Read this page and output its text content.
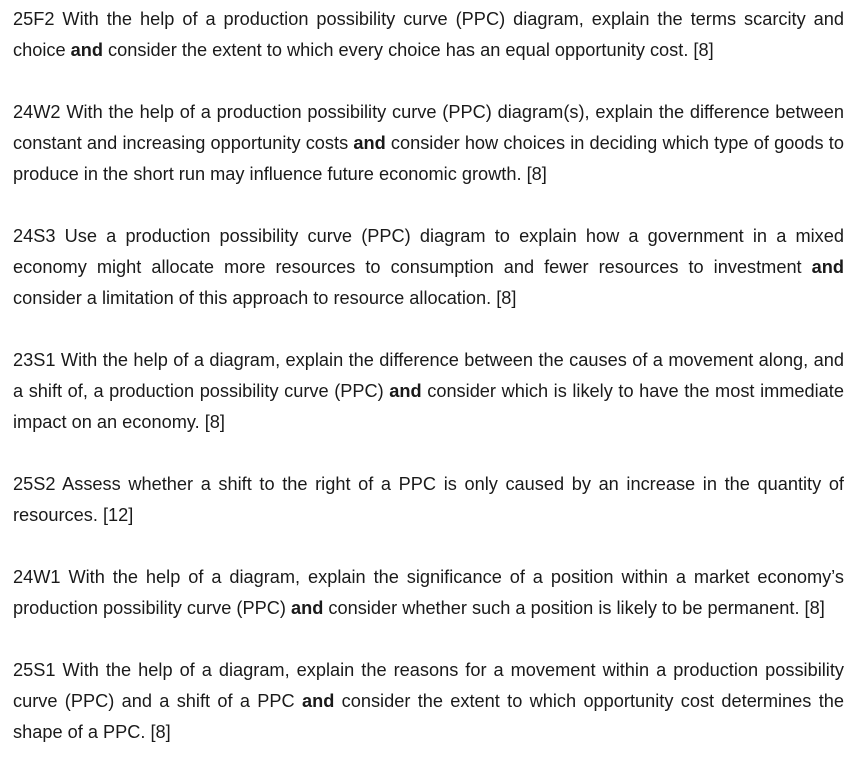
25F2 With the help of a production possibility curve (PPC) diagram, explain the terms scarcity and choice and consider the extent to which every choice has an equal opportunity cost. [8]

24W2 With the help of a production possibility curve (PPC) diagram(s), explain the difference between constant and increasing opportunity costs and consider how choices in deciding which type of goods to produce in the short run may influence future economic growth. [8]

24S3 Use a production possibility curve (PPC) diagram to explain how a government in a mixed economy might allocate more resources to consumption and fewer resources to investment and consider a limitation of this approach to resource allocation. [8]

23S1 With the help of a diagram, explain the difference between the causes of a movement along, and a shift of, a production possibility curve (PPC) and consider which is likely to have the most immediate impact on an economy. [8]

25S2 Assess whether a shift to the right of a PPC is only caused by an increase in the quantity of resources. [12]

24W1 With the help of a diagram, explain the significance of a position within a market economy’s production possibility curve (PPC) and consider whether such a position is likely to be permanent. [8]

25S1 With the help of a diagram, explain the reasons for a movement within a production possibility curve (PPC) and a shift of a PPC and consider the extent to which opportunity cost determines the shape of a PPC. [8]
